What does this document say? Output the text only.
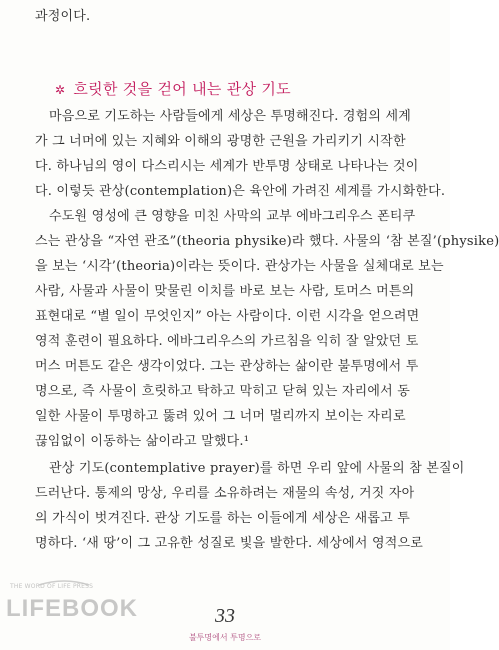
과정이다.
✲ 흐릿한 것을 걷어 내는 관상 기도
마음으로 기도하는 사람들에게 세상은 투명해진다. 경험의 세계
가 그 너머에 있는 지혜와 이해의 광명한 근원을 가리키기 시작한
다. 하나님의 영이 다스리시는 세계가 반투명 상태로 나타나는 것이
다. 이렇듯 관상(contemplation)은 육안에 가려진 세계를 가시화한다.
수도원 영성에 큰 영향을 미친 사막의 교부 에바그리우스 폰티쿠
스는 관상을 “자연 관조”(theoria physike)라 했다. 사물의 ‘참 본질’(physike)
을 보는 ‘시각’(theoria)이라는 뜻이다. 관상가는 사물을 실체대로 보는
사람, 사물과 사물이 맞물린 이치를 바로 보는 사람, 토머스 머튼의
표현대로 “별 일이 무엇인지” 아는 사람이다. 이런 시각을 얻으려면
영적 훈련이 필요하다. 에바그리우스의 가르침을 익히 잘 알았던 토
머스 머튼도 같은 생각이었다. 그는 관상하는 삶이란 불투명에서 투
명으로, 즉 사물이 흐릿하고 탁하고 막히고 닫혀 있는 자리에서 동
일한 사물이 투명하고 뚫려 있어 그 너머 멀리까지 보이는 자리로
끊임없이 이동하는 삶이라고 말했다.¹
관상 기도(contemplative prayer)를 하면 우리 앞에 사물의 참 본질이
드러난다. 통제의 망상, 우리를 소유하려는 재물의 속성, 거짓 자아
의 가식이 벗겨진다. 관상 기도를 하는 이들에게 세상은 새롭고 투
명하다. ‘새 땅’이 그 고유한 성질로 빛을 발한다. 세상에서 영적으로
33
불투명에서 투명으로
THE WORD OF LIFE PRESS
LIFEBOOK
